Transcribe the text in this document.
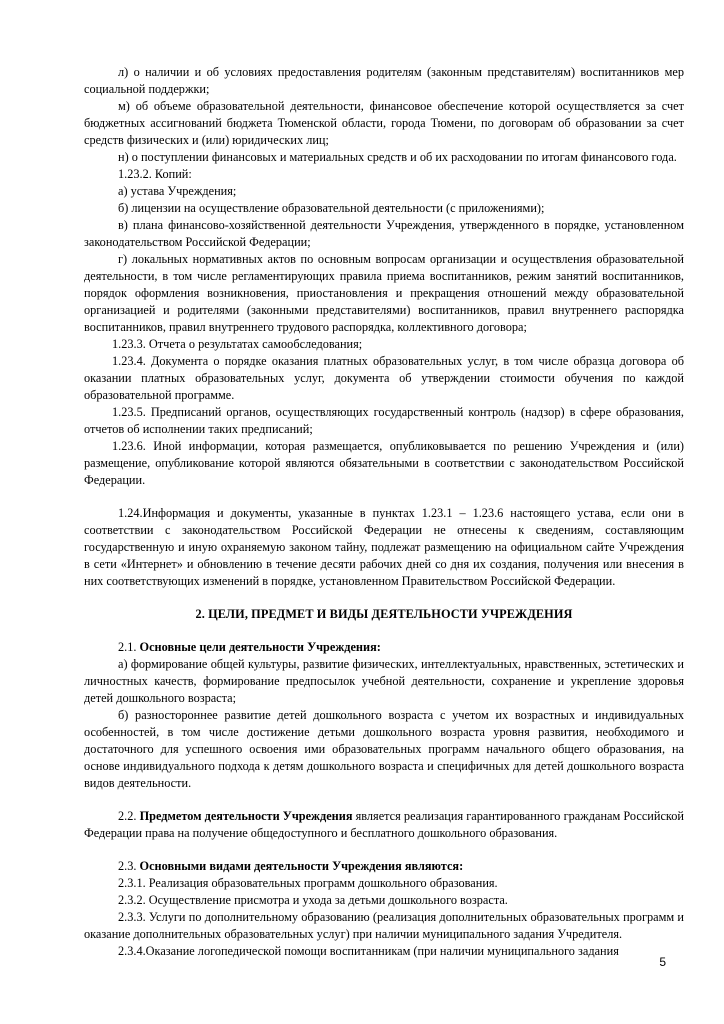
л) о наличии и об условиях предоставления родителям (законным представителям) воспитанников мер социальной поддержки;

м) об объеме образовательной деятельности, финансовое обеспечение которой осуществляется за счет бюджетных ассигнований бюджета Тюменской области, города Тюмени, по договорам об образовании за счет средств физических и (или) юридических лиц;

н) о поступлении финансовых и материальных средств и об их расходовании по итогам финансового года.

1.23.2. Копий:

а) устава Учреждения;

б) лицензии на осуществление образовательной деятельности (с приложениями);

в) плана финансово-хозяйственной деятельности Учреждения, утвержденного в порядке, установленном законодательством Российской Федерации;

г) локальных нормативных актов по основным вопросам организации и осуществления образовательной деятельности, в том числе регламентирующих правила приема воспитанников, режим занятий воспитанников, порядок оформления возникновения, приостановления и прекращения отношений между образовательной организацией и родителями (законными представителями) воспитанников, правил внутреннего распорядка воспитанников, правил внутреннего трудового распорядка, коллективного договора;

1.23.3. Отчета о результатах самообследования;

1.23.4. Документа о порядке оказания платных образовательных услуг, в том числе образца договора об оказании платных образовательных услуг, документа об утверждении стоимости обучения по каждой образовательной программе.

1.23.5. Предписаний органов, осуществляющих государственный контроль (надзор) в сфере образования, отчетов об исполнении таких предписаний;

1.23.6. Иной информации, которая размещается, опубликовывается по решению Учреждения и (или) размещение, опубликование которой являются обязательными в соответствии с законодательством Российской Федерации.

1.24.Информация и документы, указанные в пунктах 1.23.1 – 1.23.6 настоящего устава, если они в соответствии с законодательством Российской Федерации не отнесены к сведениям, составляющим государственную и иную охраняемую законом тайну, подлежат размещению на официальном сайте Учреждения в сети «Интернет» и обновлению в течение десяти рабочих дней со дня их создания, получения или внесения в них соответствующих изменений в порядке, установленном Правительством Российской Федерации.

2. ЦЕЛИ, ПРЕДМЕТ И ВИДЫ ДЕЯТЕЛЬНОСТИ УЧРЕЖДЕНИЯ

2.1. Основные цели деятельности Учреждения:

а) формирование общей культуры, развитие физических, интеллектуальных, нравственных, эстетических и личностных качеств, формирование предпосылок учебной деятельности, сохранение и укрепление здоровья детей дошкольного возраста;

б) разностороннее развитие детей дошкольного возраста с учетом их возрастных и индивидуальных особенностей, в том числе достижение детьми дошкольного возраста уровня развития, необходимого и достаточного для успешного освоения ими образовательных программ начального общего образования, на основе индивидуального подхода к детям дошкольного возраста и специфичных для детей дошкольного возраста видов деятельности.

2.2. Предметом деятельности Учреждения является реализация гарантированного гражданам Российской Федерации права на получение общедоступного и бесплатного дошкольного образования.

2.3. Основными видами деятельности Учреждения являются:

2.3.1. Реализация образовательных программ дошкольного образования.

2.3.2. Осуществление присмотра и ухода за детьми дошкольного возраста.

2.3.3. Услуги по дополнительному образованию (реализация дополнительных образовательных программ и оказание дополнительных образовательных услуг) при наличии муниципального задания Учредителя.

2.3.4.Оказание логопедической помощи воспитанникам (при наличии муниципального задания

5
